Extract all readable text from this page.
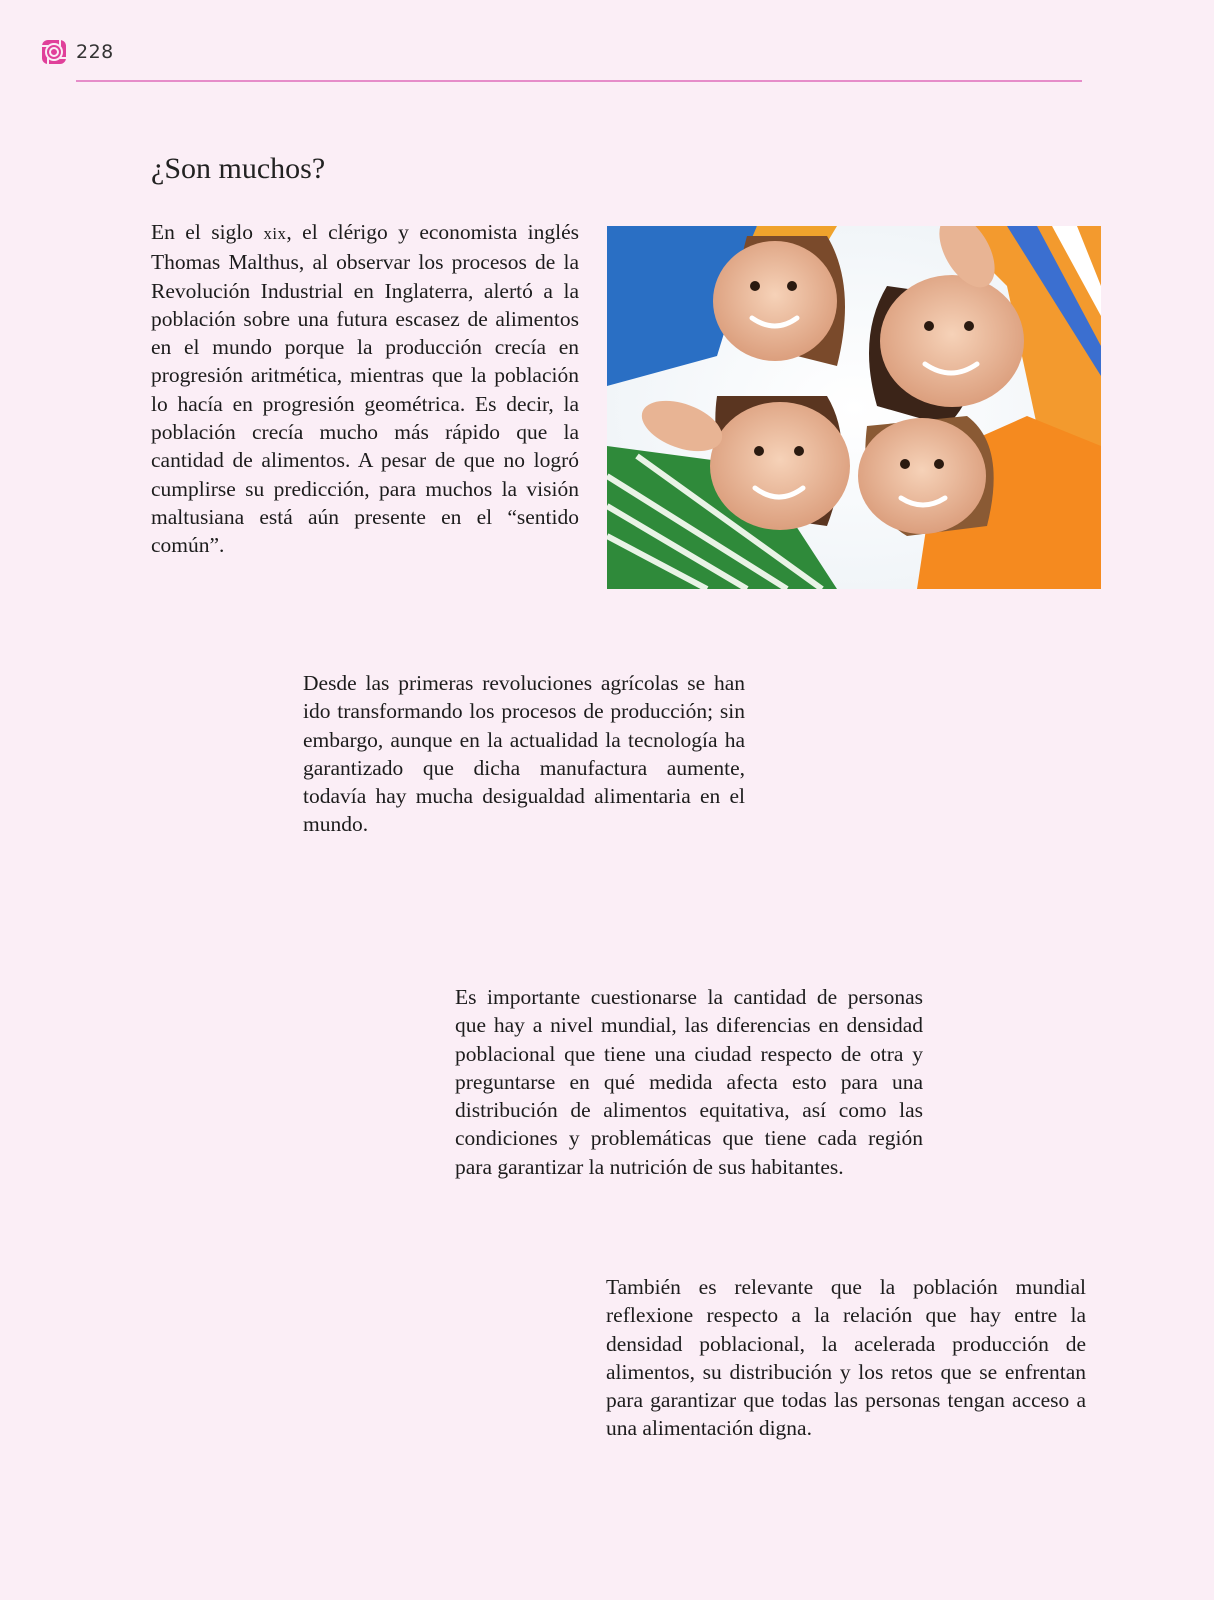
228
¿Son muchos?

En el siglo xix, el clérigo y economista inglés Thomas Malthus, al observar los procesos de la Revolución Industrial en Inglaterra, alertó a la población sobre una futura escasez de alimentos en el mundo porque la producción crecía en progresión aritmética, mientras que la población lo hacía en progresión geométrica. Es decir, la población crecía mucho más rápido que la cantidad de alimentos. A pesar de que no logró cumplirse su predicción, para muchos la visión maltusiana está aún presente en el “sentido común”.

Desde las primeras revoluciones agrícolas se han ido transformando los procesos de producción; sin embargo, aunque en la actualidad la tecnología ha garantizado que dicha manufactura aumente, todavía hay mucha desigualdad alimentaria en el mundo.

Es importante cuestionarse la cantidad de personas que hay a nivel mundial, las diferencias en densidad poblacional que tiene una ciudad respecto de otra y preguntarse en qué medida afecta esto para una distribución de alimentos equitativa, así como las condiciones y problemáticas que tiene cada región para garantizar la nutrición de sus habitantes.

También es relevante que la población mundial reflexione respecto a la relación que hay entre la densidad poblacional, la acelerada producción de alimentos, su distribución y los retos que se enfrentan para garantizar que todas las personas tengan acceso a una alimentación digna.
